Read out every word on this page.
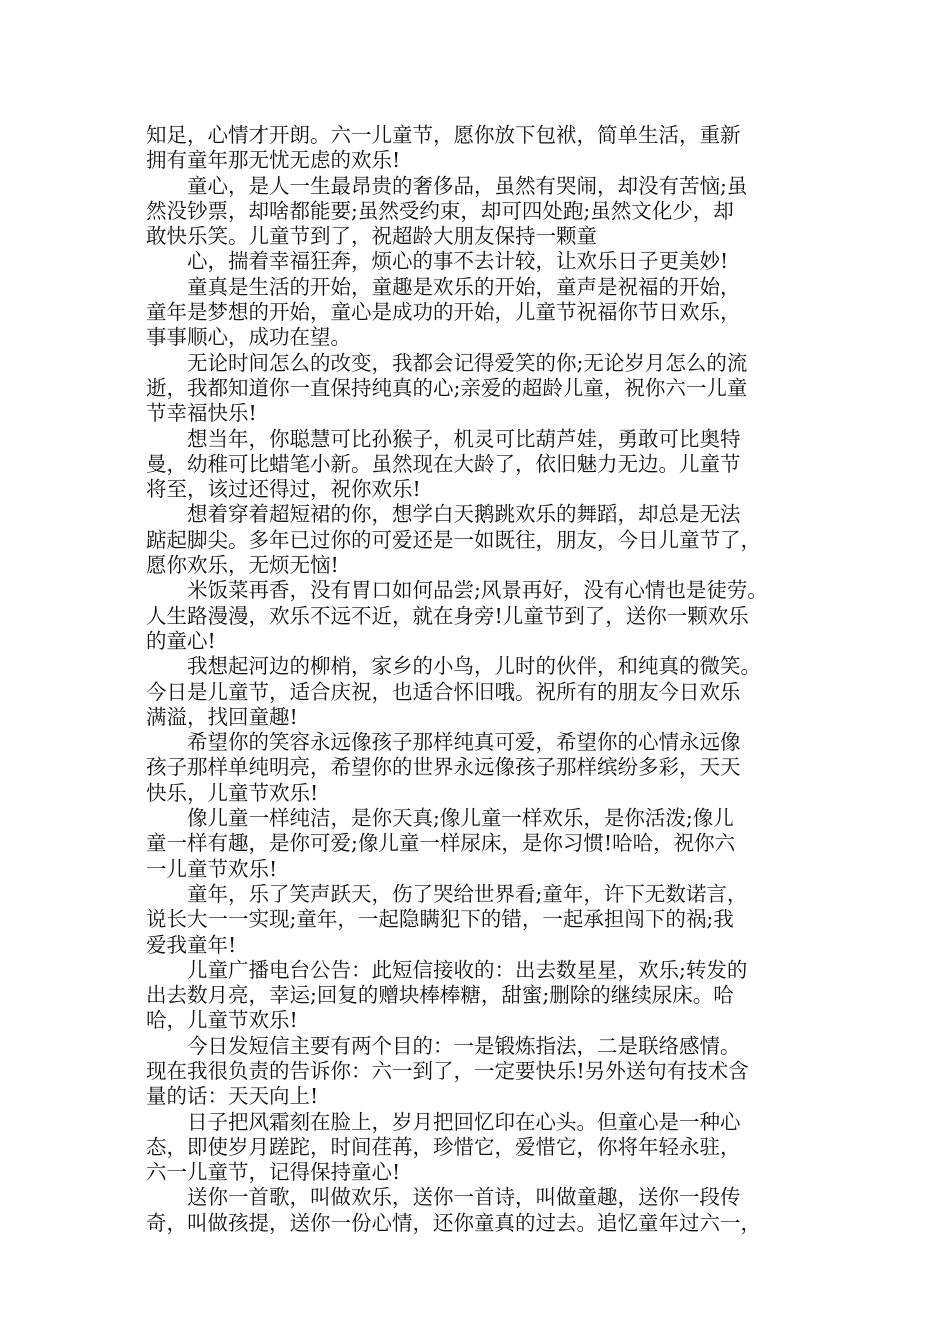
知足，心情才开朗。六一儿童节，愿你放下包袱，简单生活，重新
拥有童年那无忧无虑的欢乐!

童心，是人一生最昂贵的奢侈品，虽然有哭闹，却没有苦恼;虽
然没钞票，却啥都能要;虽然受约束，却可四处跑;虽然文化少，却
敢快乐笑。儿童节到了，祝超龄大朋友保持一颗童

心，揣着幸福狂奔，烦心的事不去计较，让欢乐日子更美妙!

童真是生活的开始，童趣是欢乐的开始，童声是祝福的开始，
童年是梦想的开始，童心是成功的开始，儿童节祝福你节日欢乐，
事事顺心，成功在望。

无论时间怎么的改变，我都会记得爱笑的你;无论岁月怎么的流
逝，我都知道你一直保持纯真的心;亲爱的超龄儿童，祝你六一儿童
节幸福快乐!

想当年，你聪慧可比孙猴子，机灵可比葫芦娃，勇敢可比奥特
曼，幼稚可比蜡笔小新。虽然现在大龄了，依旧魅力无边。儿童节
将至，该过还得过，祝你欢乐!

想着穿着超短裙的你，想学白天鹅跳欢乐的舞蹈，却总是无法
踮起脚尖。多年已过你的可爱还是一如既往，朋友，今日儿童节了，
愿你欢乐，无烦无恼!

米饭菜再香，没有胃口如何品尝;风景再好，没有心情也是徒劳。
人生路漫漫，欢乐不远不近，就在身旁!儿童节到了，送你一颗欢乐
的童心!

我想起河边的柳梢，家乡的小鸟，儿时的伙伴，和纯真的微笑。
今日是儿童节，适合庆祝，也适合怀旧哦。祝所有的朋友今日欢乐
满溢，找回童趣!

希望你的笑容永远像孩子那样纯真可爱，希望你的心情永远像
孩子那样单纯明亮，希望你的世界永远像孩子那样缤纷多彩，天天
快乐，儿童节欢乐!

像儿童一样纯洁，是你天真;像儿童一样欢乐，是你活泼;像儿
童一样有趣，是你可爱;像儿童一样尿床，是你习惯!哈哈，祝你六
一儿童节欢乐!

童年，乐了笑声跃天，伤了哭给世界看;童年，许下无数诺言，
说长大一一实现;童年，一起隐瞒犯下的错，一起承担闯下的祸;我
爱我童年!

儿童广播电台公告：此短信接收的：出去数星星，欢乐;转发的
出去数月亮，幸运;回复的赠块棒棒糖，甜蜜;删除的继续尿床。哈
哈，儿童节欢乐!

今日发短信主要有两个目的：一是锻炼指法，二是联络感情。
现在我很负责的告诉你：六一到了，一定要快乐!另外送句有技术含
量的话：天天向上!

日子把风霜刻在脸上，岁月把回忆印在心头。但童心是一种心
态，即使岁月蹉跎，时间荏苒，珍惜它，爱惜它，你将年轻永驻，
六一儿童节，记得保持童心!

送你一首歌，叫做欢乐，送你一首诗，叫做童趣，送你一段传
奇，叫做孩提，送你一份心情，还你童真的过去。追忆童年过六一，
